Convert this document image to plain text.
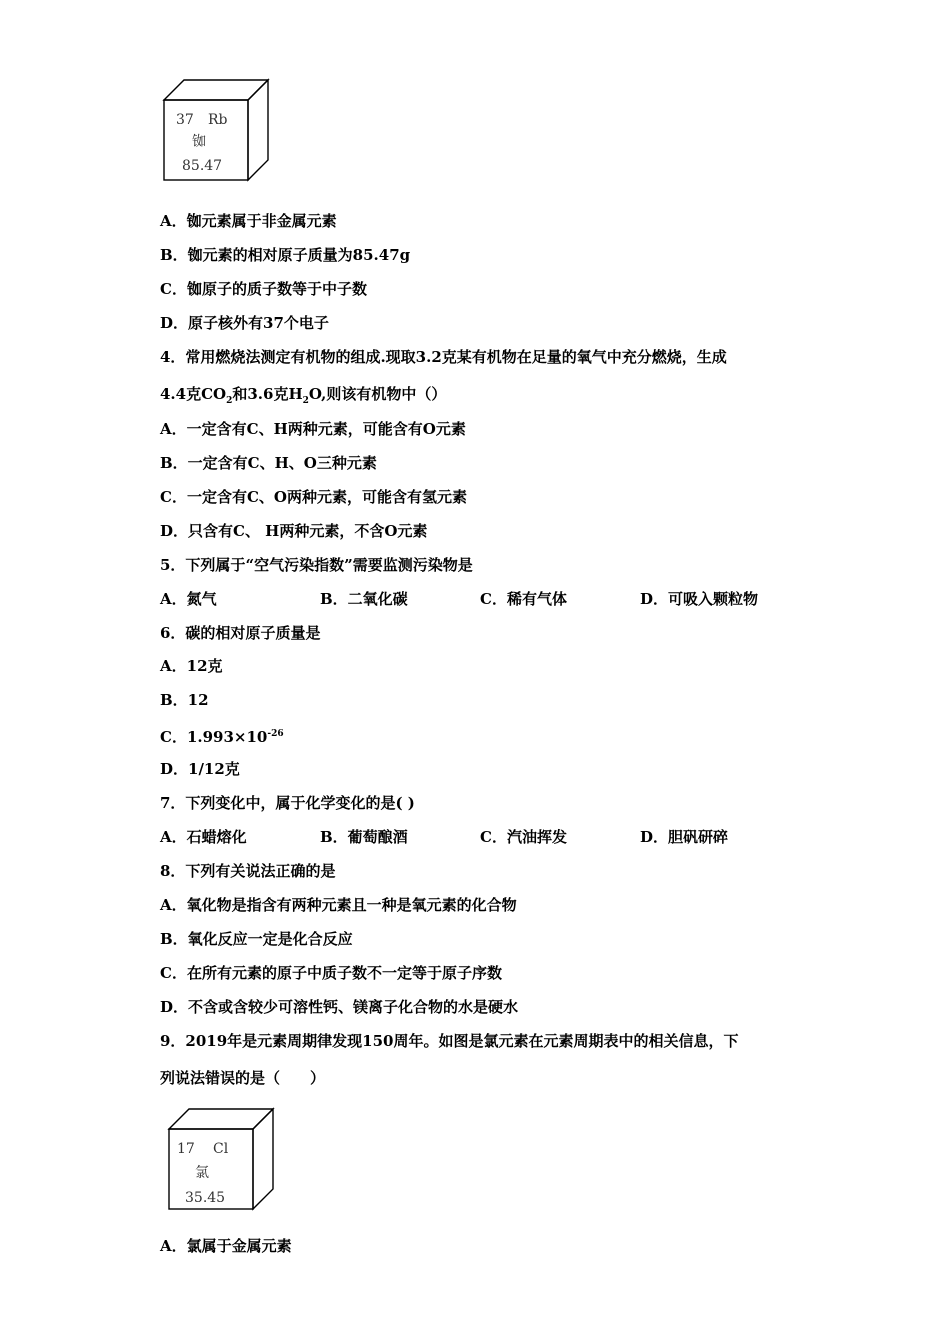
37 Rb
铷
85.47
A．铷元素属于非金属元素
B．铷元素的相对原子质量为85.47g
C．铷原子的质子数等于中子数
D．原子核外有37个电子
4．常用燃烧法测定有机物的组成.现取3.2克某有机物在足量的氧气中充分燃烧，生成
4.4克$CO_2$和3.6克$H_2O$,则该有机物中（）
A．一定含有C、H两种元素，可能含有O元素
B．一定含有C、H、O三种元素
C．一定含有C、O两种元素，可能含有氢元素
D．只含有C、 H两种元素，不含O元素
5．下列属于“空气污染指数”需要监测污染物是
A．氮气	B．二氧化碳	C．稀有气体	D．可吸入颗粒物
6．碳的相对原子质量是
A．12克
B．12
C．$1.993\times 10^{-26}$
D．1/12克
7．下列变化中，属于化学变化的是( )
A．石蜡熔化	B．葡萄酿酒	C．汽油挥发	D．胆矾研碎
8．下列有关说法正确的是
A．氧化物是指含有两种元素且一种是氧元素的化合物
B．氧化反应一定是化合反应
C．在所有元素的原子中质子数不一定等于原子序数
D．不含或含较少可溶性钙、镁离子化合物的水是硬水
9．2019年是元素周期律发现150周年。如图是氯元素在元素周期表中的相关信息，下
列说法错误的是（　　）
17 Cl
氯
35.45
A．氯属于金属元素
